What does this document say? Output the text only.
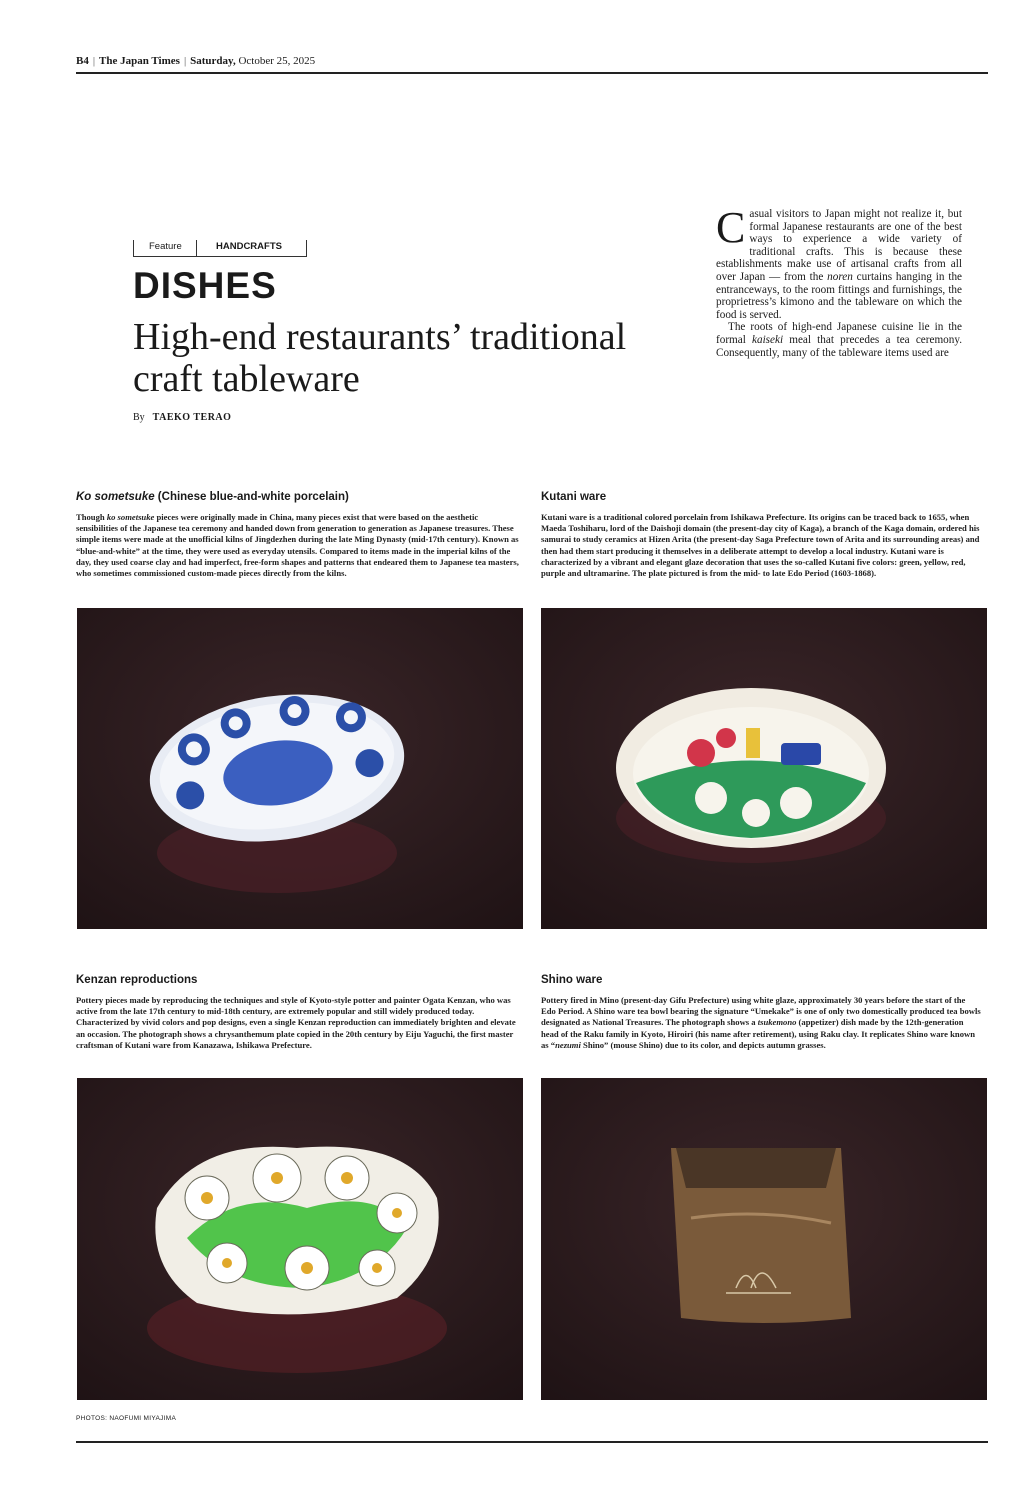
B4 | The Japan Times | Saturday, October 25, 2025
Feature	HANDCRAFTS
DISHES
High-end restaurants’ traditional craft tableware
By TAEKO TERAO

Casual visitors to Japan might not realize it, but formal Japanese restaurants are one of the best ways to experience a wide variety of traditional crafts. This is because these establishments make use of artisanal crafts from all over Japan — from the noren curtains hanging in the entranceways, to the room fittings and furnishings, the proprietress’s kimono and the tableware on which the food is served.

The roots of high-end Japanese cuisine lie in the formal kaiseki meal that precedes a tea ceremony. Consequently, many of the tableware items used are

Ko sometsuke (Chinese blue-and-white porcelain)
Though ko sometsuke pieces were originally made in China, many pieces exist that were based on the aesthetic sensibilities of the Japanese tea ceremony and handed down from generation to generation as Japanese treasures. These simple items were made at the unofficial kilns of Jingdezhen during the late Ming Dynasty (mid-17th century). Known as “blue-and-white” at the time, they were used as everyday utensils. Compared to items made in the imperial kilns of the day, they used coarse clay and had imperfect, free-form shapes and patterns that endeared them to Japanese tea masters, who sometimes commissioned custom-made pieces directly from the kilns.
Kutani ware
Kutani ware is a traditional colored porcelain from Ishikawa Prefecture. Its origins can be traced back to 1655, when Maeda Toshiharu, lord of the Daishoji domain (the present-day city of Kaga), a branch of the Kaga domain, ordered his samurai to study ceramics at Hizen Arita (the present-day Saga Prefecture town of Arita and its surrounding areas) and then had them start producing it themselves in a deliberate attempt to develop a local industry. Kutani ware is characterized by a vibrant and elegant glaze decoration that uses the so-called Kutani five colors: green, yellow, red, purple and ultramarine. The plate pictured is from the mid- to late Edo Period (1603-1868).
Kenzan reproductions
Pottery pieces made by reproducing the techniques and style of Kyoto-style potter and painter Ogata Kenzan, who was active from the late 17th century to mid-18th century, are extremely popular and still widely produced today. Characterized by vivid colors and pop designs, even a single Kenzan reproduction can immediately brighten and elevate an occasion. The photograph shows a chrysanthemum plate copied in the 20th century by Eiju Yaguchi, the first master craftsman of Kutani ware from Kanazawa, Ishikawa Prefecture.
Shino ware
Pottery fired in Mino (present-day Gifu Prefecture) using white glaze, approximately 30 years before the start of the Edo Period. A Shino ware tea bowl bearing the signature “Umekake” is one of only two domestically produced tea bowls designated as National Treasures. The photograph shows a tsukemono (appetizer) dish made by the 12th-generation head of the Raku family in Kyoto, Hiroiri (his name after retirement), using Raku clay. It replicates Shino ware known as “nezumi Shino” (mouse Shino) due to its color, and depicts autumn grasses.
PHOTOS: NAOFUMI MIYAJIMA
